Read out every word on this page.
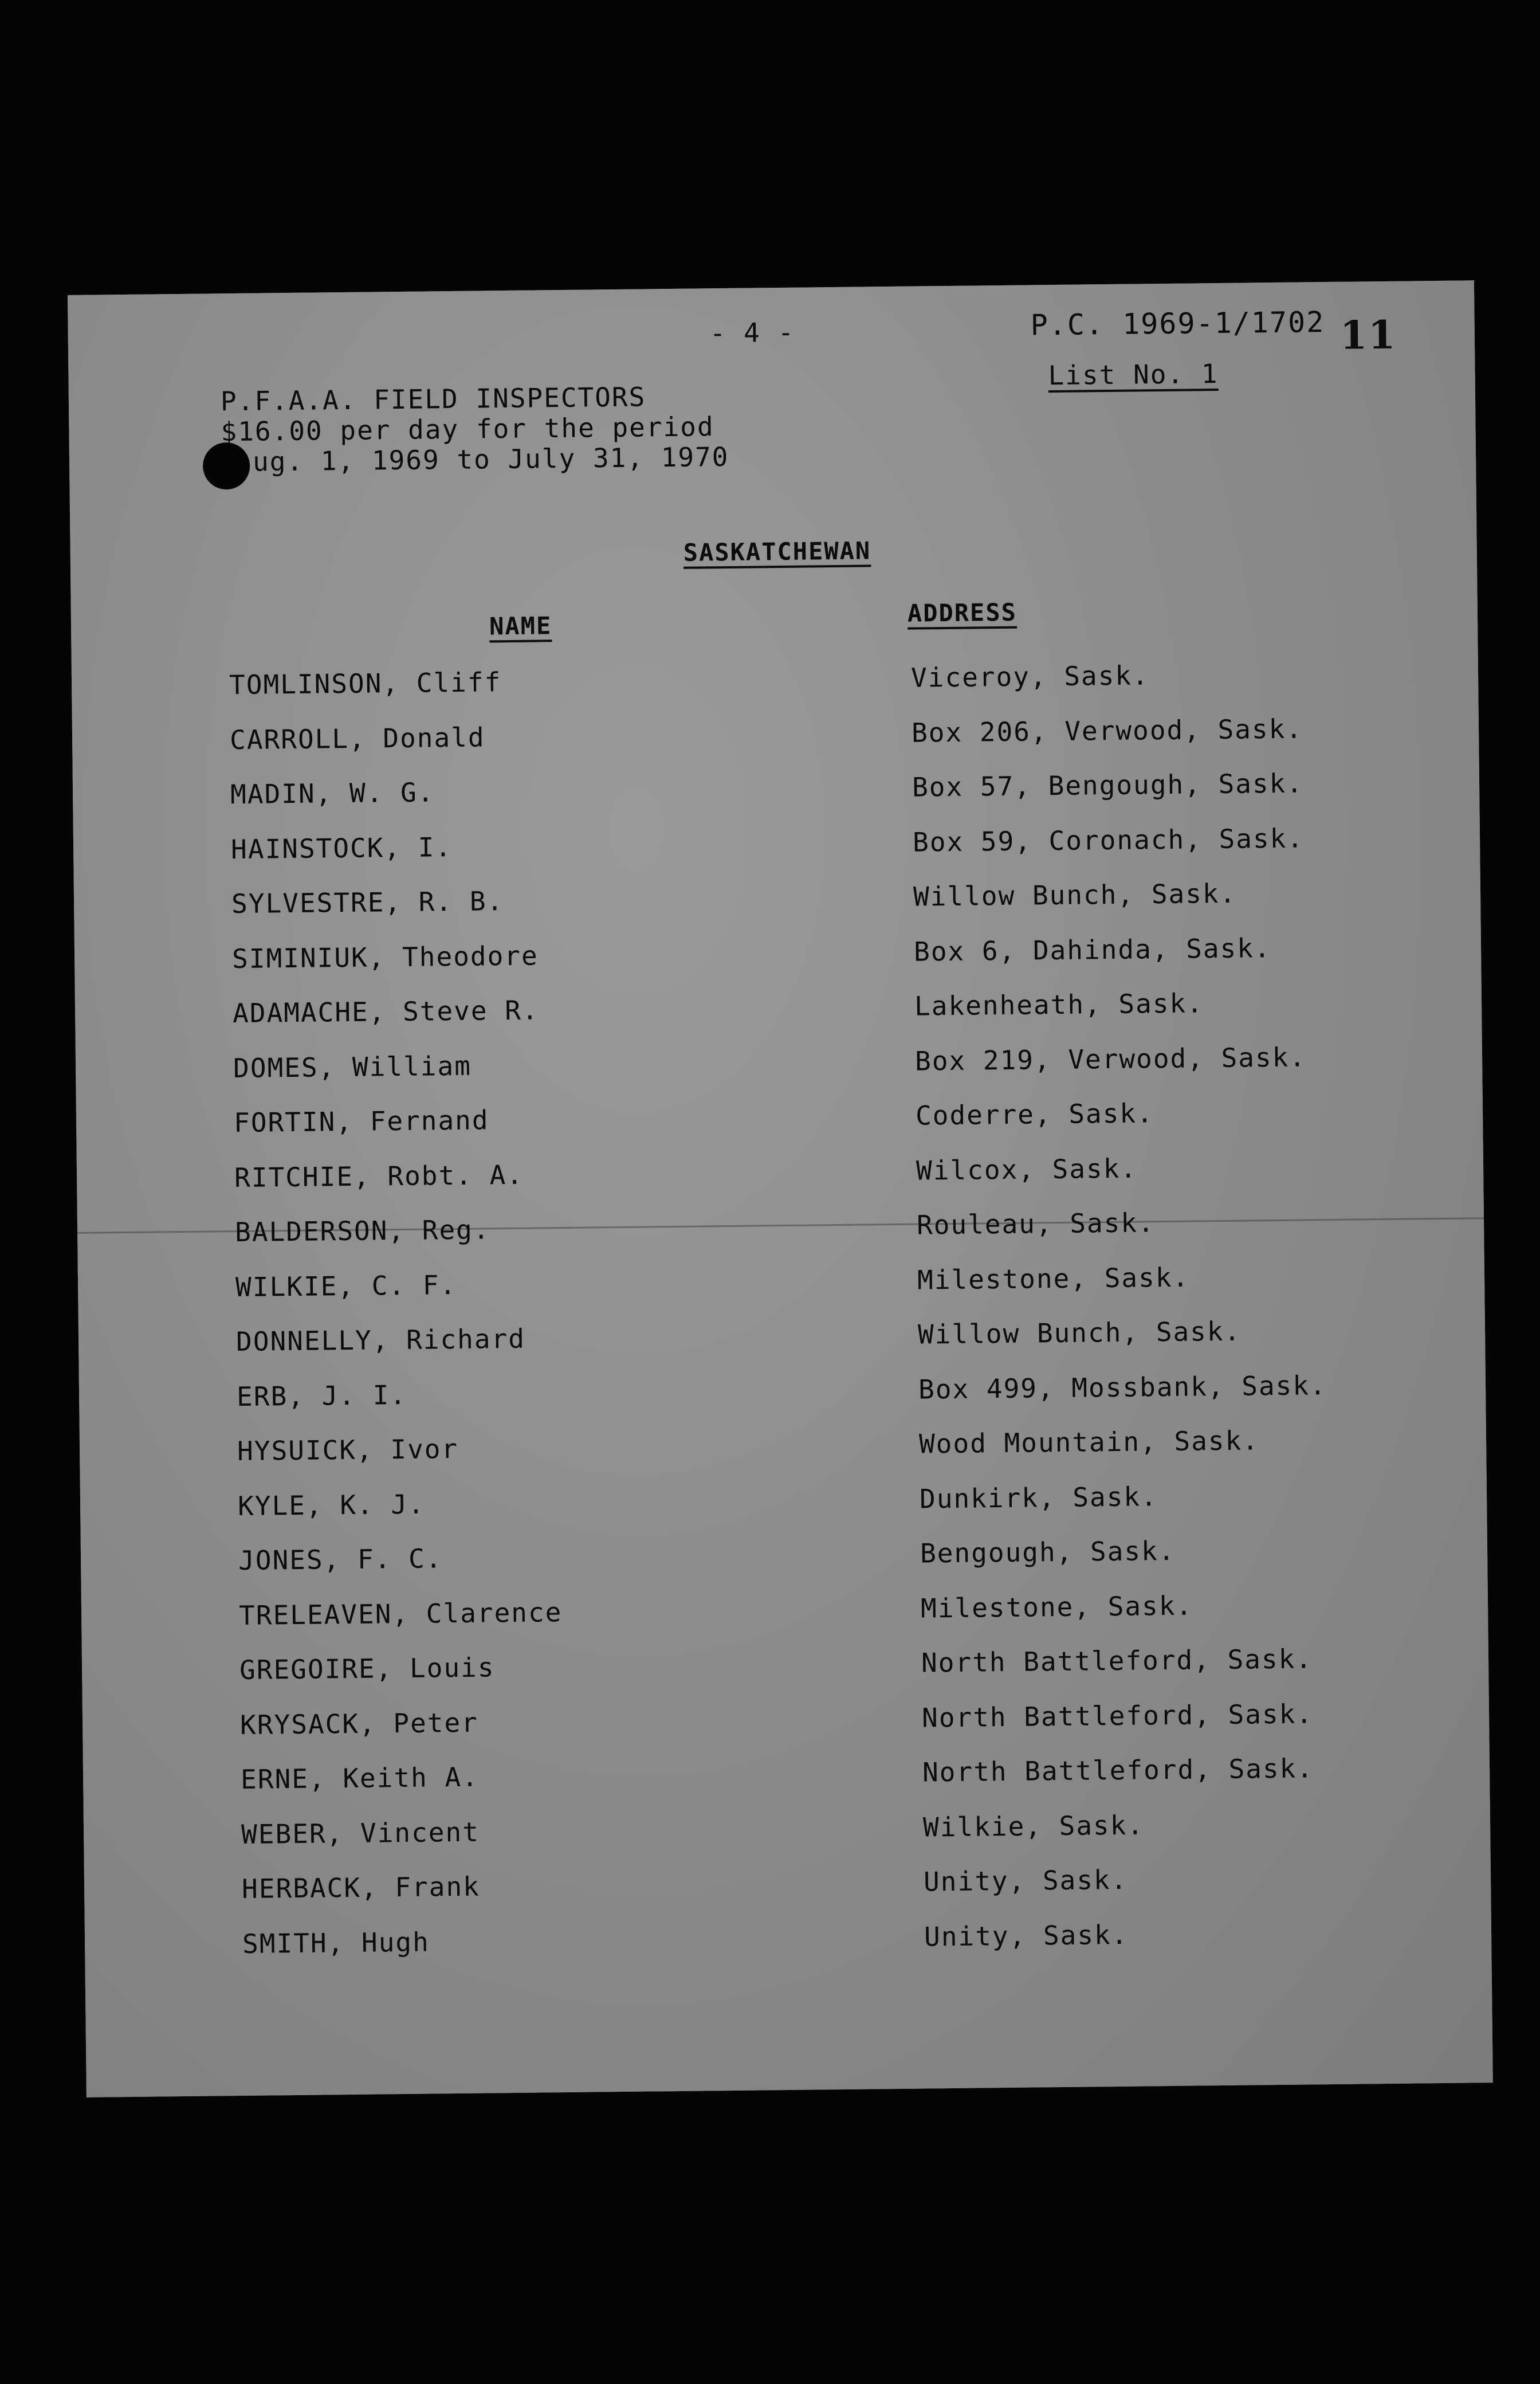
- 4 -	P.C. 1969-1/1702
List No. 1
11
P.F.A.A. FIELD INSPECTORS
$16.00 per day for the period
ug. 1, 1969 to July 31, 1970
SASKATCHEWAN
NAME	ADDRESS
TOMLINSON, Cliff	Viceroy, Sask.
CARROLL, Donald	Box 206, Verwood, Sask.
MADIN, W. G.	Box 57, Bengough, Sask.
HAINSTOCK, I.	Box 59, Coronach, Sask.
SYLVESTRE, R. B.	Willow Bunch, Sask.
SIMINIUK, Theodore	Box 6, Dahinda, Sask.
ADAMACHE, Steve R.	Lakenheath, Sask.
DOMES, William	Box 219, Verwood, Sask.
FORTIN, Fernand	Coderre, Sask.
RITCHIE, Robt. A.	Wilcox, Sask.
BALDERSON, Reg.	Rouleau, Sask.
WILKIE, C. F.	Milestone, Sask.
DONNELLY, Richard	Willow Bunch, Sask.
ERB, J. I.	Box 499, Mossbank, Sask.
HYSUICK, Ivor	Wood Mountain, Sask.
KYLE, K. J.	Dunkirk, Sask.
JONES, F. C.	Bengough, Sask.
TRELEAVEN, Clarence	Milestone, Sask.
GREGOIRE, Louis	North Battleford, Sask.
KRYSACK, Peter	North Battleford, Sask.
ERNE, Keith A.	North Battleford, Sask.
WEBER, Vincent	Wilkie, Sask.
HERBACK, Frank	Unity, Sask.
SMITH, Hugh	Unity, Sask.
